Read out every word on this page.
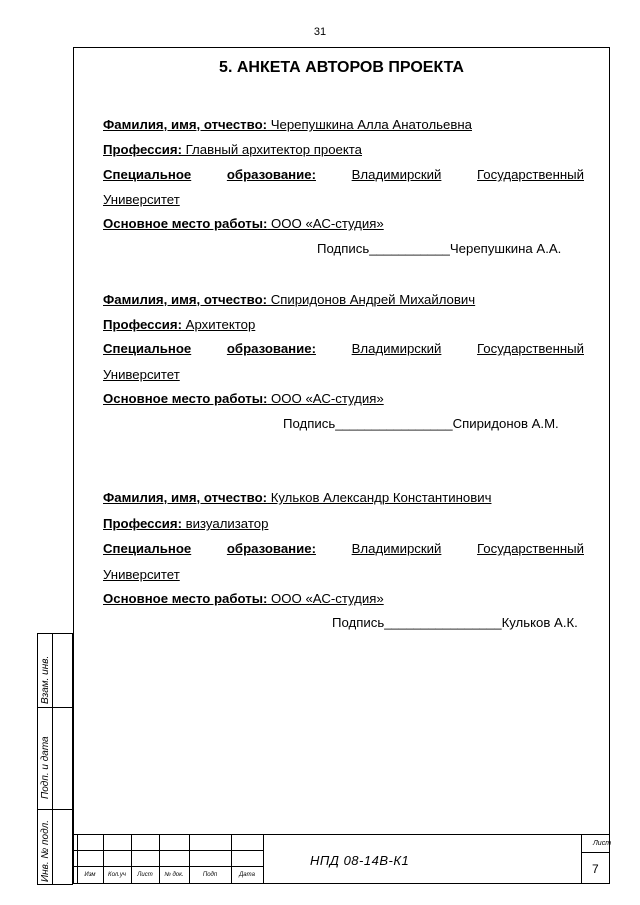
31
5. АНКЕТА АВТОРОВ ПРОЕКТА
Фамилия, имя, отчество: Черепушкина Алла Анатольевна
Профессия: Главный архитектор проекта
Специальное	образование:	Владимирский	Государственный
Университет
Основное место работы: ООО «АС-студия»
Подпись___________Черепушкина А.А.
Фамилия, имя, отчество: Спиридонов Андрей Михайлович
Профессия: Архитектор
Специальное	образование:	Владимирский	Государственный
Университет
Основное место работы: ООО «АС-студия»
Подпись________________Спиридонов А.М.
Фамилия, имя, отчество: Кульков Александр Константинович
Профессия: визуализатор
Специальное	образование:	Владимирский	Государственный
Университет
Основное место работы: ООО «АС-студия»
Подпись________________Кульков А.К.
Взам. инв.
Подп. и дата
Инв. № подл.	Изм	Кол.уч	Лист	№ док.	Подп	Дата
НПД 08-14В-К1
Лист
7
